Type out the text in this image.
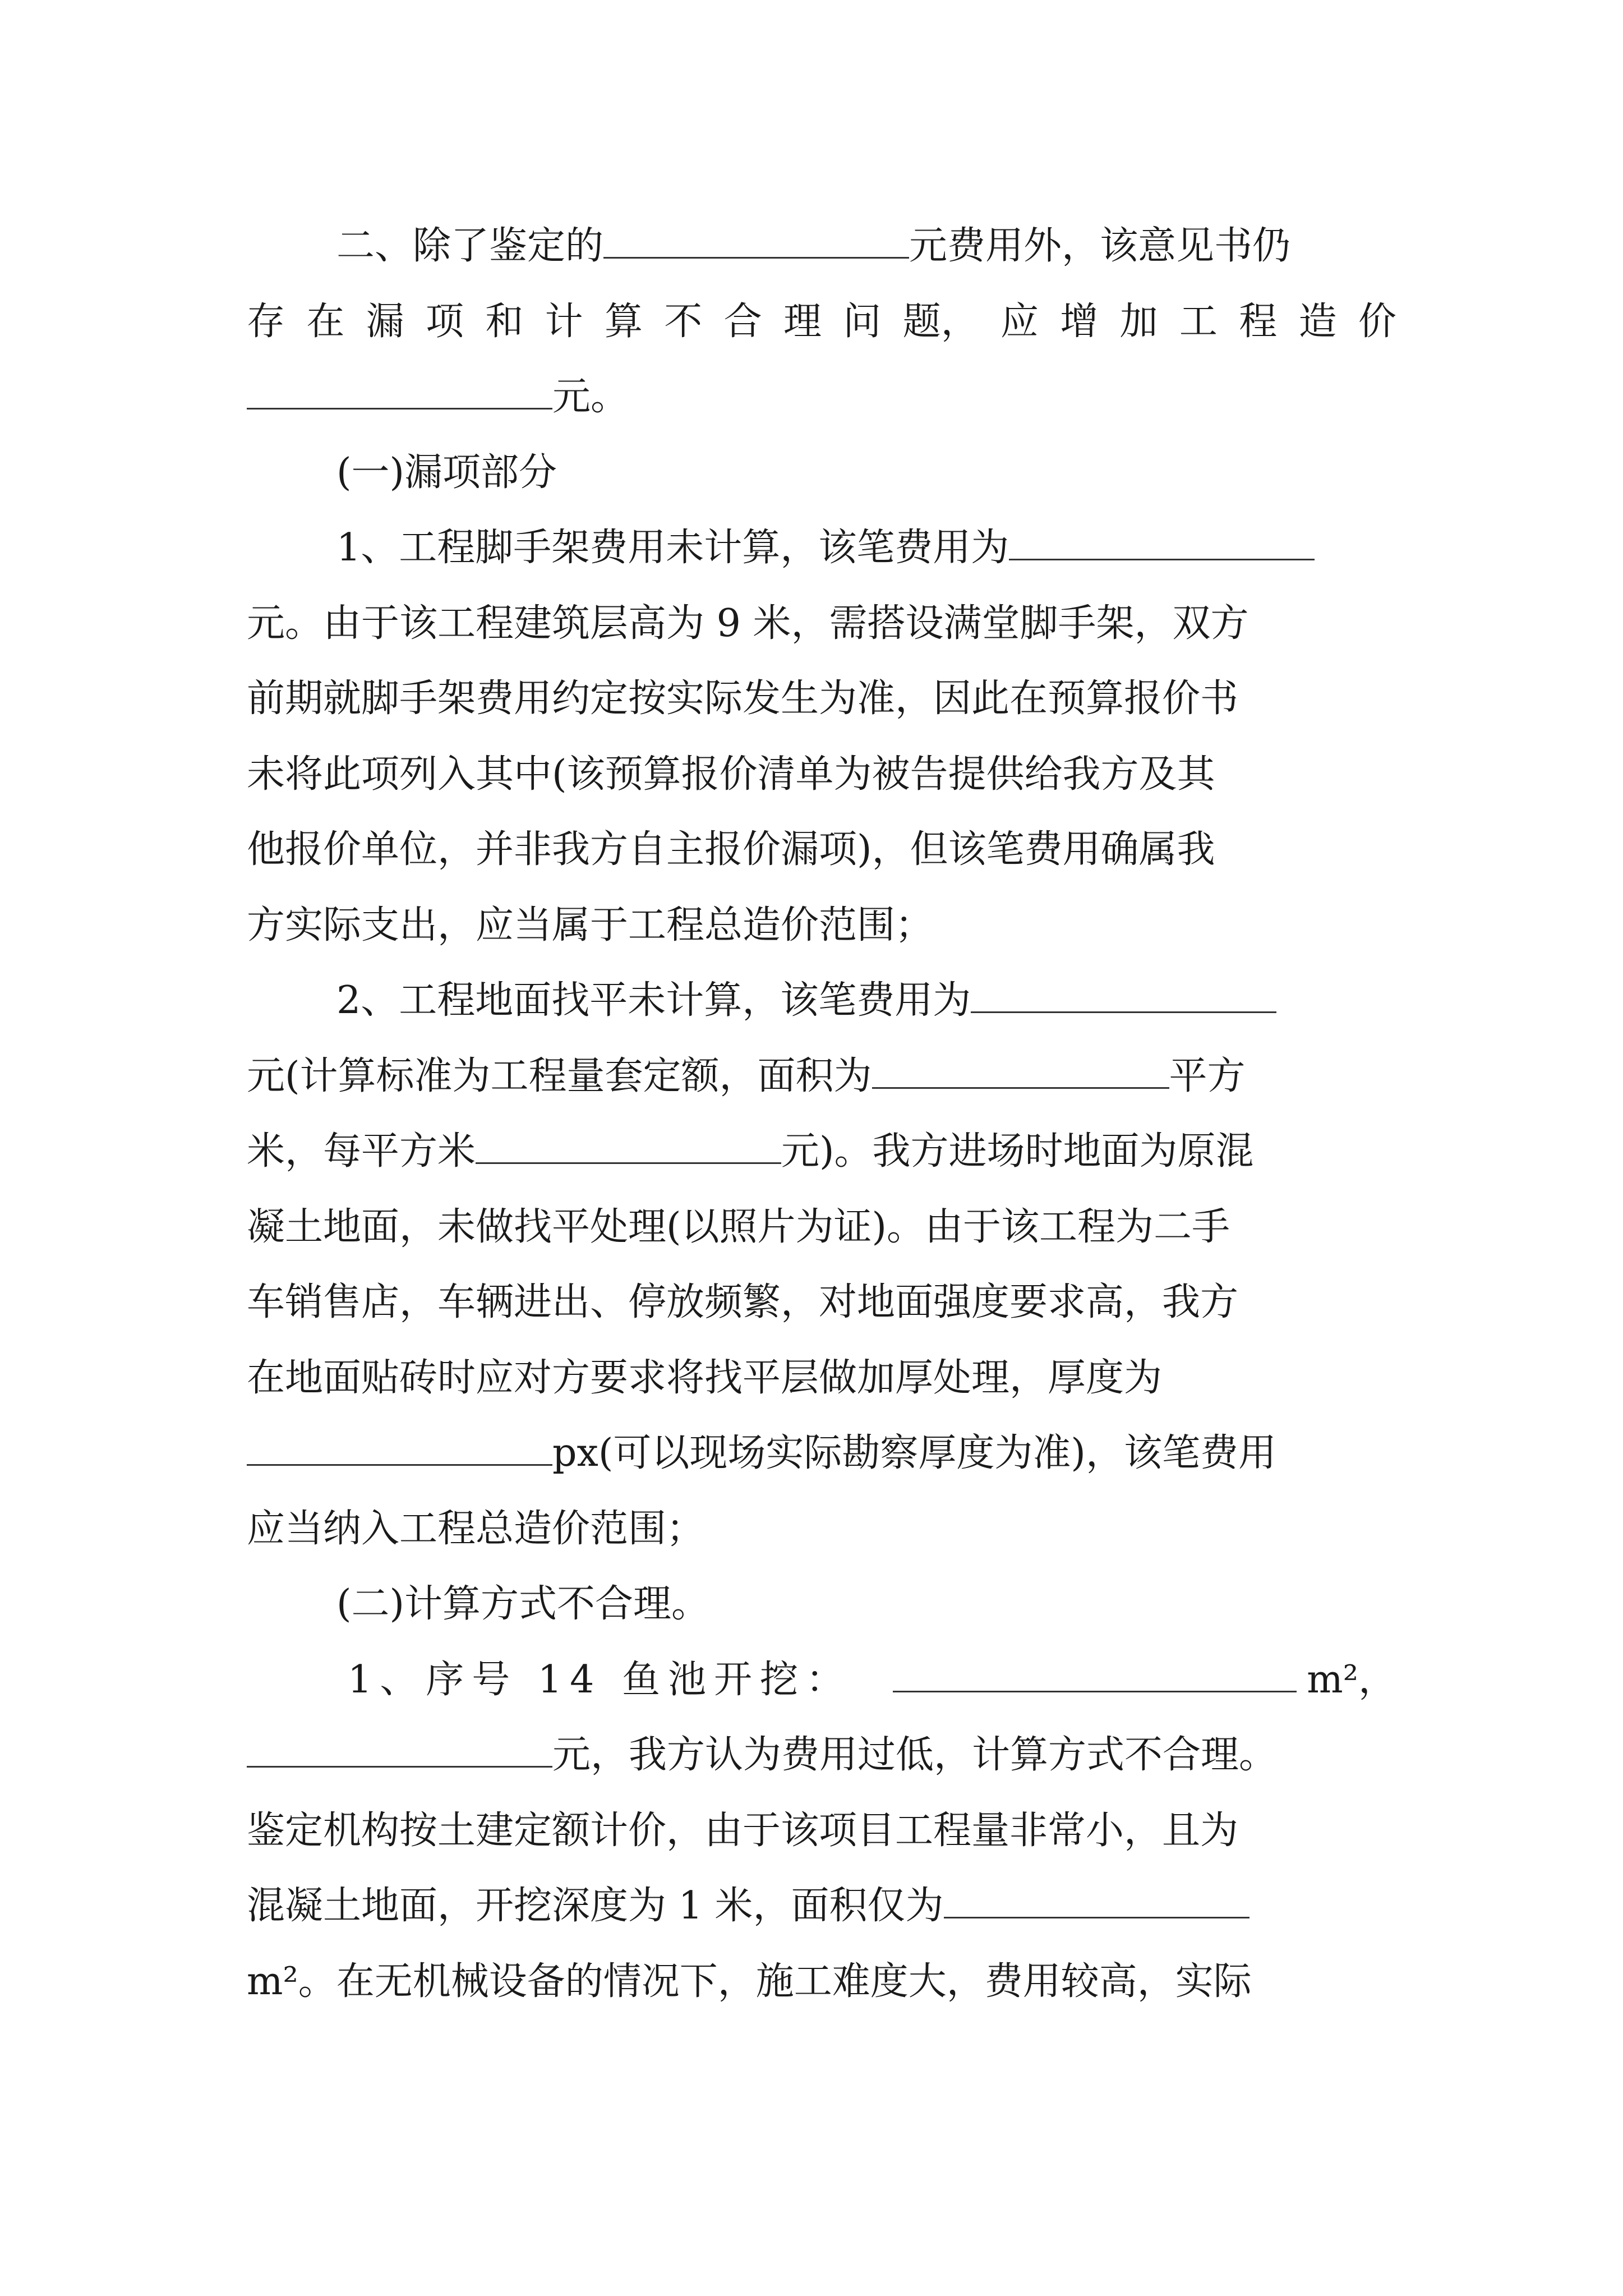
二、除了鉴定的	元费用外，该意见书仍
存 在 漏 项 和 计 算 不 合 理 问 题， 应 增 加 工 程 造 价
元。
(一)漏项部分
1、工程脚手架费用未计算，该笔费用为
元。由于该工程建筑层高为 9 米，需搭设满堂脚手架，双方
前期就脚手架费用约定按实际发生为准，因此在预算报价书
未将此项列入其中(该预算报价清单为被告提供给我方及其
他报价单位，并非我方自主报价漏项)，但该笔费用确属我
方实际支出，应当属于工程总造价范围；
2、工程地面找平未计算，该笔费用为
元(计算标准为工程量套定额，面积为	平方
米，每平方米	元)。我方进场时地面为原混
凝土地面，未做找平处理(以照片为证)。由于该工程为二手
车销售店，车辆进出、停放频繁，对地面强度要求高，我方
在地面贴砖时应对方要求将找平层做加厚处理，厚度为
px(可以现场实际勘察厚度为准)，该笔费用
应当纳入工程总造价范围；
(二)计算方式不合理。
1、序号 14 鱼池开挖：	m²，
元，我方认为费用过低，计算方式不合理。
鉴定机构按土建定额计价，由于该项目工程量非常小，且为
混凝土地面，开挖深度为 1 米，面积仅为
m²。在无机械设备的情况下，施工难度大，费用较高，实际
